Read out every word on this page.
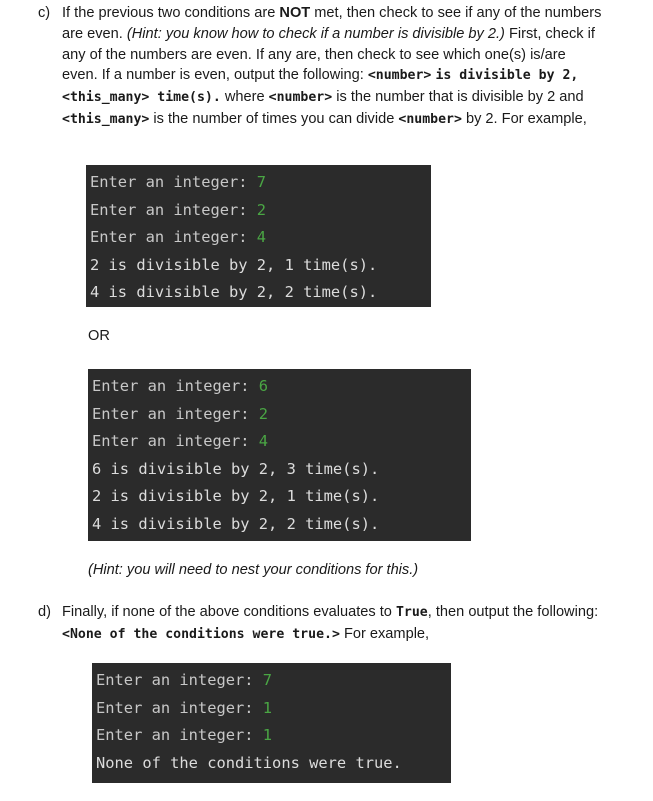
c) If the previous two conditions are NOT met, then check to see if any of the numbers are even. (Hint: you know how to check if a number is divisible by 2.) First, check if any of the numbers are even. If any are, then check to see which one(s) is/are even. If a number is even, output the following: <number> is divisible by 2, <this_many> time(s). where <number> is the number that is divisible by 2 and <this_many> is the number of times you can divide <number> by 2. For example,
Enter an integer: 7
Enter an integer: 2
Enter an integer: 4
2 is divisible by 2, 1 time(s).
4 is divisible by 2, 2 time(s).
OR
Enter an integer: 6
Enter an integer: 2
Enter an integer: 4
6 is divisible by 2, 3 time(s).
2 is divisible by 2, 1 time(s).
4 is divisible by 2, 2 time(s).
(Hint: you will need to nest your conditions for this.)
d) Finally, if none of the above conditions evaluates to True, then output the following: <None of the conditions were true.> For example,
Enter an integer: 7
Enter an integer: 1
Enter an integer: 1
None of the conditions were true.
